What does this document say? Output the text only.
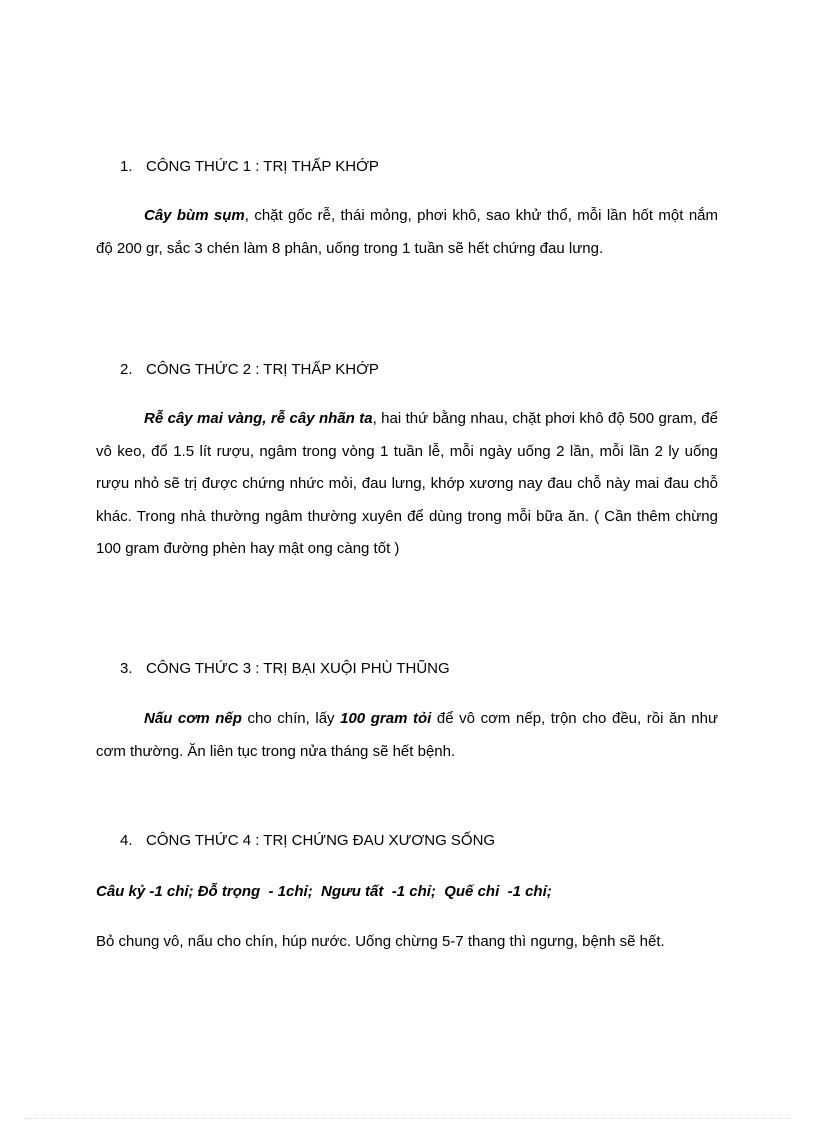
1. CÔNG THỨC 1 : TRỊ THẤP KHỚP

Cây bùm sụm, chặt gốc rễ, thái mỏng, phơi khô, sao khử thổ, mỗi lần hốt một nắm độ 200 gr, sắc 3 chén làm 8 phân, uống trong 1 tuần sẽ hết chứng đau lưng.

2. CÔNG THỨC 2 : TRỊ THẤP KHỚP

Rễ cây mai vàng, rễ cây nhãn ta, hai thứ bằng nhau, chặt phơi khô độ 500 gram, để vô keo, đổ 1.5 lít rượu, ngâm trong vòng 1 tuần lễ, mỗi ngày uống 2 lần, mỗi lần 2 ly uống rượu nhỏ sẽ trị được chứng nhức mỏi, đau lưng, khớp xương nay đau chỗ này mai đau chỗ khác. Trong nhà thường ngâm thường xuyên để dùng trong mỗi bữa ăn. ( Cần thêm chừng 100 gram đường phèn hay mật ong càng tốt )

3. CÔNG THỨC 3 : TRỊ BẠI XUỘI PHÙ THŨNG

Nấu cơm nếp cho chín, lấy 100 gram tỏi để vô cơm nếp, trộn cho đều, rồi ăn như cơm thường. Ăn liên tục trong nửa tháng sẽ hết bệnh.

4. CÔNG THỨC 4 : TRỊ CHỨNG ĐAU XƯƠNG SỐNG

Câu kỷ -1 chỉ; Đỗ trọng  - 1chỉ;  Ngưu tất  -1 chỉ;  Quế chi  -1 chỉ;

Bỏ chung vô, nấu cho chín, húp nước. Uống chừng 5-7 thang thì ngưng, bệnh sẽ hết.
